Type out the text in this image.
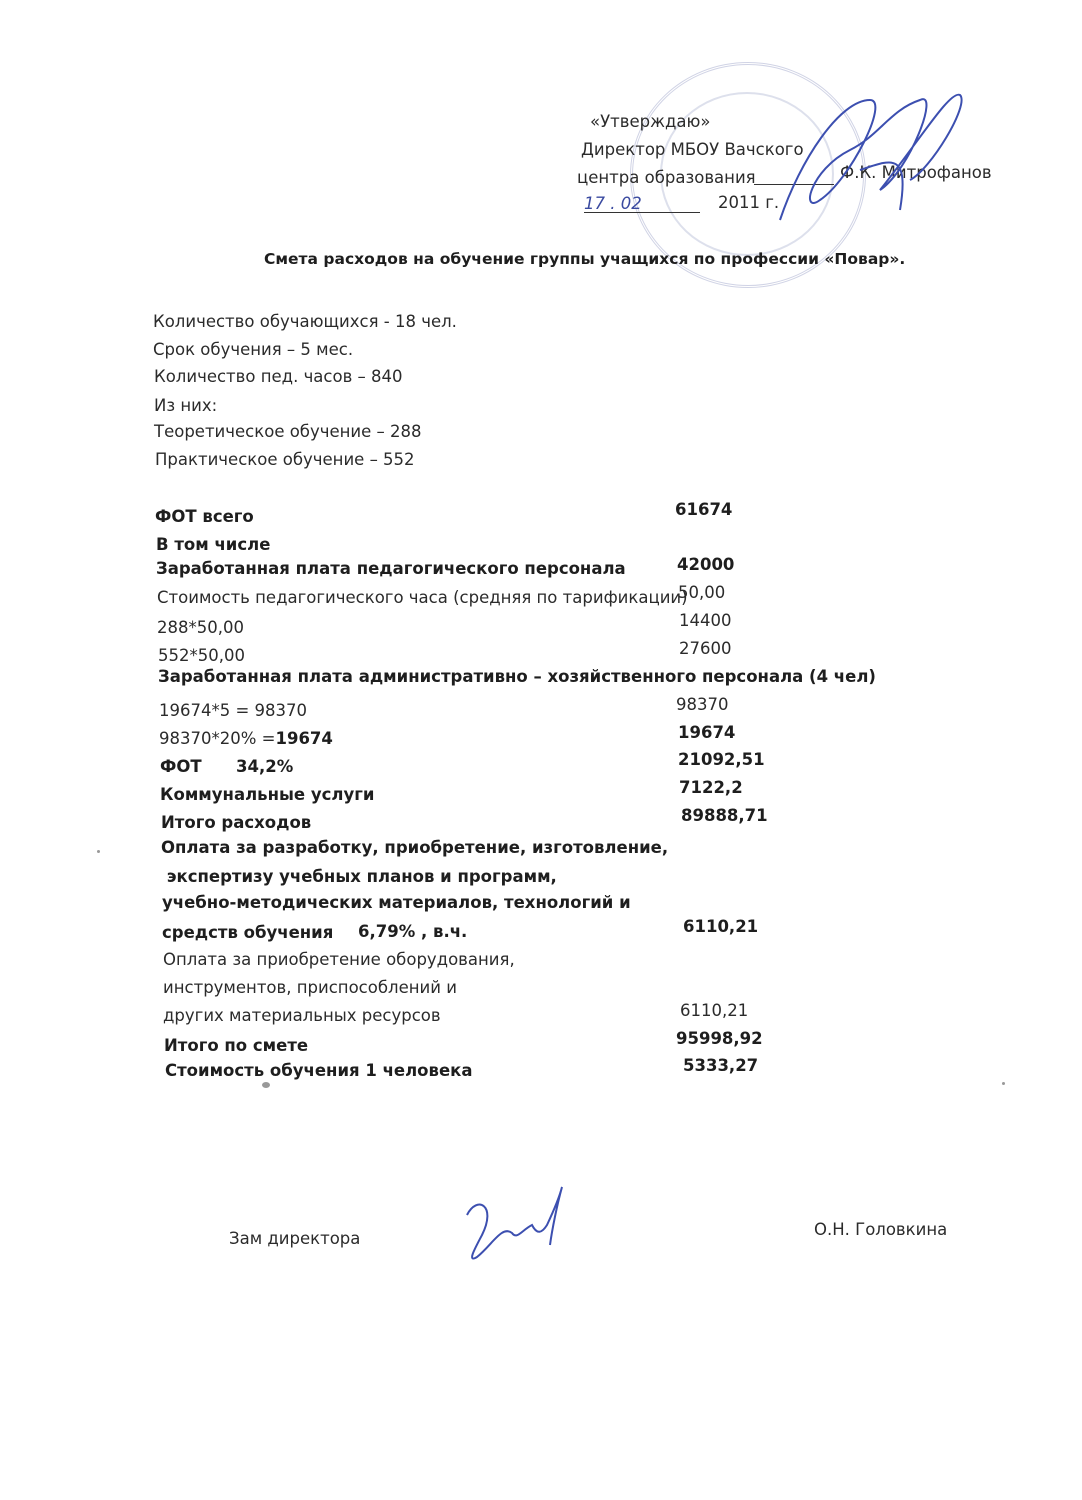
«Утверждаю»
Директор МБОУ Вачского
центра образования	Ф.К. Митрофанов
17 . 02	2011 г.
Смета расходов на обучение группы учащихся по профессии «Повар».
Количество обучающихся - 18 чел.
Срок обучения – 5 мес.
Количество пед. часов – 840
Из них:
Теоретическое обучение – 288
Практическое обучение – 552
ФОТ всего	61674
В том числе
Заработанная плата педагогического персонала	42000
Стоимость педагогического часа (средняя по тарификации)
50,00
288*50,00	14400
552*50,00	27600
Заработанная плата административно – хозяйственного персонала (4 чел)
19674*5 = 98370	98370
98370*20% =19674	19674
ФОТ 34,2%	21092,51
Коммунальные услуги	7122,2
Итого расходов	89888,71
Оплата за разработку, приобретение, изготовление,
экспертизу учебных планов и программ,
учебно-методических материалов, технологий и
средств обучения 6,79% , в.ч.	6110,21
Оплата за приобретение оборудования,
инструментов, приспособлений и
других материальных ресурсов	6110,21
Итого по смете	95998,92
Стоимость обучения 1 человека	5333,27
Зам директора	О.Н. Головкина
